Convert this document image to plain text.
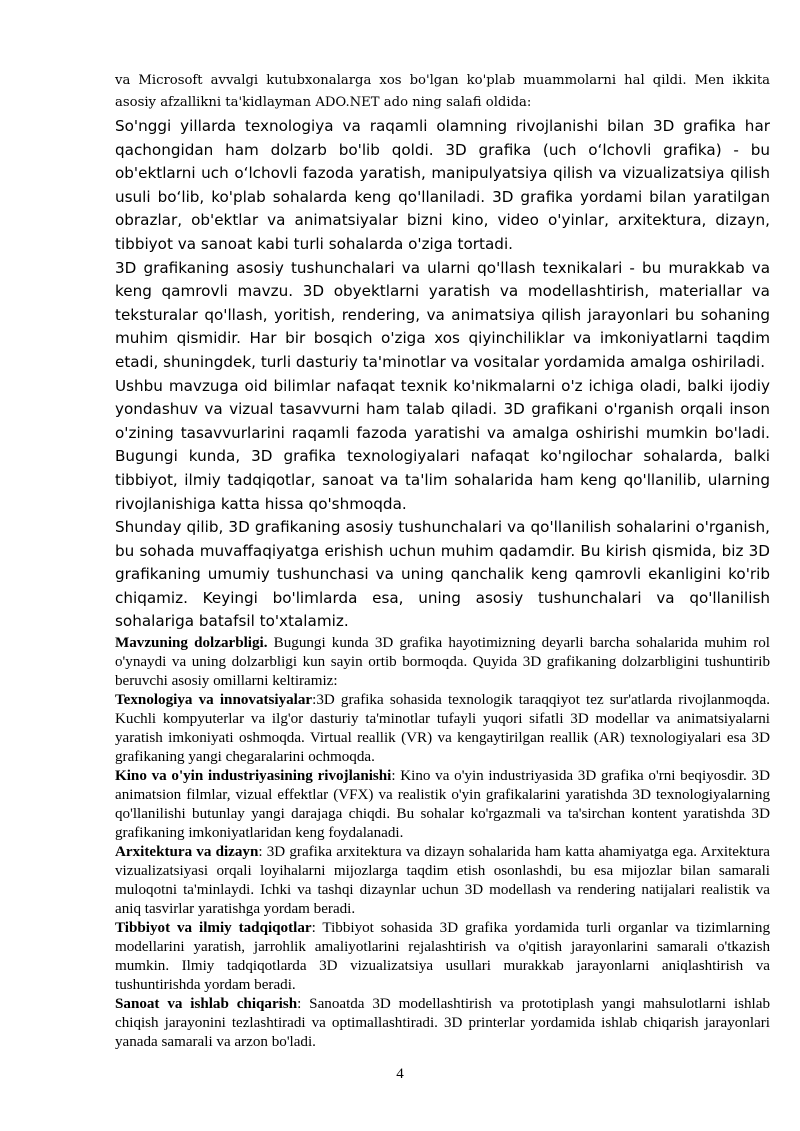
va Microsoft avvalgi kutubxonalarga xos bo'lgan ko'plab muammolarni hal qildi. Men ikkita asosiy afzallikni ta'kidlayman ADO.NET ado ning salafi oldida:

So'nggi yillarda texnologiya va raqamli olamning rivojlanishi bilan 3D grafika har qachongidan ham dolzarb bo'lib qoldi. 3D grafika (uch o‘lchovli grafika) - bu ob'ektlarni uch o‘lchovli fazoda yaratish, manipulyatsiya qilish va vizualizatsiya qilish usuli bo‘lib, ko'plab sohalarda keng qo'llaniladi. 3D grafika yordami bilan yaratilgan obrazlar, ob'ektlar va animatsiyalar bizni kino, video o'yinlar, arxitektura, dizayn, tibbiyot va sanoat kabi turli sohalarda o'ziga tortadi.

3D grafikaning asosiy tushunchalari va ularni qo'llash texnikalari - bu murakkab va keng qamrovli mavzu. 3D obyektlarni yaratish va modellashtirish, materiallar va teksturalar qo'llash, yoritish, rendering, va animatsiya qilish jarayonlari bu sohaning muhim qismidir. Har bir bosqich o'ziga xos qiyinchiliklar va imkoniyatlarni taqdim etadi, shuningdek, turli dasturiy ta'minotlar va vositalar yordamida amalga oshiriladi.

Ushbu mavzuga oid bilimlar nafaqat texnik ko'nikmalarni o'z ichiga oladi, balki ijodiy yondashuv va vizual tasavvurni ham talab qiladi. 3D grafikani o'rganish orqali inson o'zining tasavvurlarini raqamli fazoda yaratishi va amalga oshirishi mumkin bo'ladi. Bugungi kunda, 3D grafika texnologiyalari nafaqat ko'ngilochar sohalarda, balki tibbiyot, ilmiy tadqiqotlar, sanoat va ta'lim sohalarida ham keng qo'llanilib, ularning rivojlanishiga katta hissa qo'shmoqda.

Shunday qilib, 3D grafikaning asosiy tushunchalari va qo'llanilish sohalarini o'rganish, bu sohada muvaffaqiyatga erishish uchun muhim qadamdir. Bu kirish qismida, biz 3D grafikaning umumiy tushunchasi va uning qanchalik keng qamrovli ekanligini ko'rib chiqamiz. Keyingi bo'limlarda esa, uning asosiy tushunchalari va qo'llanilish sohalariga batafsil to'xtalamiz.

Mavzuning dolzarbligi. Bugungi kunda 3D grafika hayotimizning deyarli barcha sohalarida muhim rol o'ynaydi va uning dolzarbligi kun sayin ortib bormoqda. Quyida 3D grafikaning dolzarbligini tushuntirib beruvchi asosiy omillarni keltiramiz:

Texnologiya va innovatsiyalar:3D grafika sohasida texnologik taraqqiyot tez sur'atlarda rivojlanmoqda. Kuchli kompyuterlar va ilg'or dasturiy ta'minotlar tufayli yuqori sifatli 3D modellar va animatsiyalarni yaratish imkoniyati oshmoqda. Virtual reallik (VR) va kengaytirilgan reallik (AR) texnologiyalari esa 3D grafikaning yangi chegaralarini ochmoqda.

Kino va o'yin industriyasining rivojlanishi: Kino va o'yin industriyasida 3D grafika o'rni beqiyosdir. 3D animatsion filmlar, vizual effektlar (VFX) va realistik o'yin grafikalarini yaratishda 3D texnologiyalarning qo'llanilishi butunlay yangi darajaga chiqdi. Bu sohalar ko'rgazmali va ta'sirchan kontent yaratishda 3D grafikaning imkoniyatlaridan keng foydalanadi.

Arxitektura va dizayn: 3D grafika arxitektura va dizayn sohalarida ham katta ahamiyatga ega. Arxitektura vizualizatsiyasi orqali loyihalarni mijozlarga taqdim etish osonlashdi, bu esa mijozlar bilan samarali muloqotni ta'minlaydi. Ichki va tashqi dizaynlar uchun 3D modellash va rendering natijalari realistik va aniq tasvirlar yaratishga yordam beradi.

Tibbiyot va ilmiy tadqiqotlar: Tibbiyot sohasida 3D grafika yordamida turli organlar va tizimlarning modellarini yaratish, jarrohlik amaliyotlarini rejalashtirish va o'qitish jarayonlarini samarali o'tkazish mumkin. Ilmiy tadqiqotlarda 3D vizualizatsiya usullari murakkab jarayonlarni aniqlashtirish va tushuntirishda yordam beradi.

Sanoat va ishlab chiqarish: Sanoatda 3D modellashtirish va prototiplash yangi mahsulotlarni ishlab chiqish jarayonini tezlashtiradi va optimallashtiradi. 3D printerlar yordamida ishlab chiqarish jarayonlari yanada samarali va arzon bo'ladi.

4
